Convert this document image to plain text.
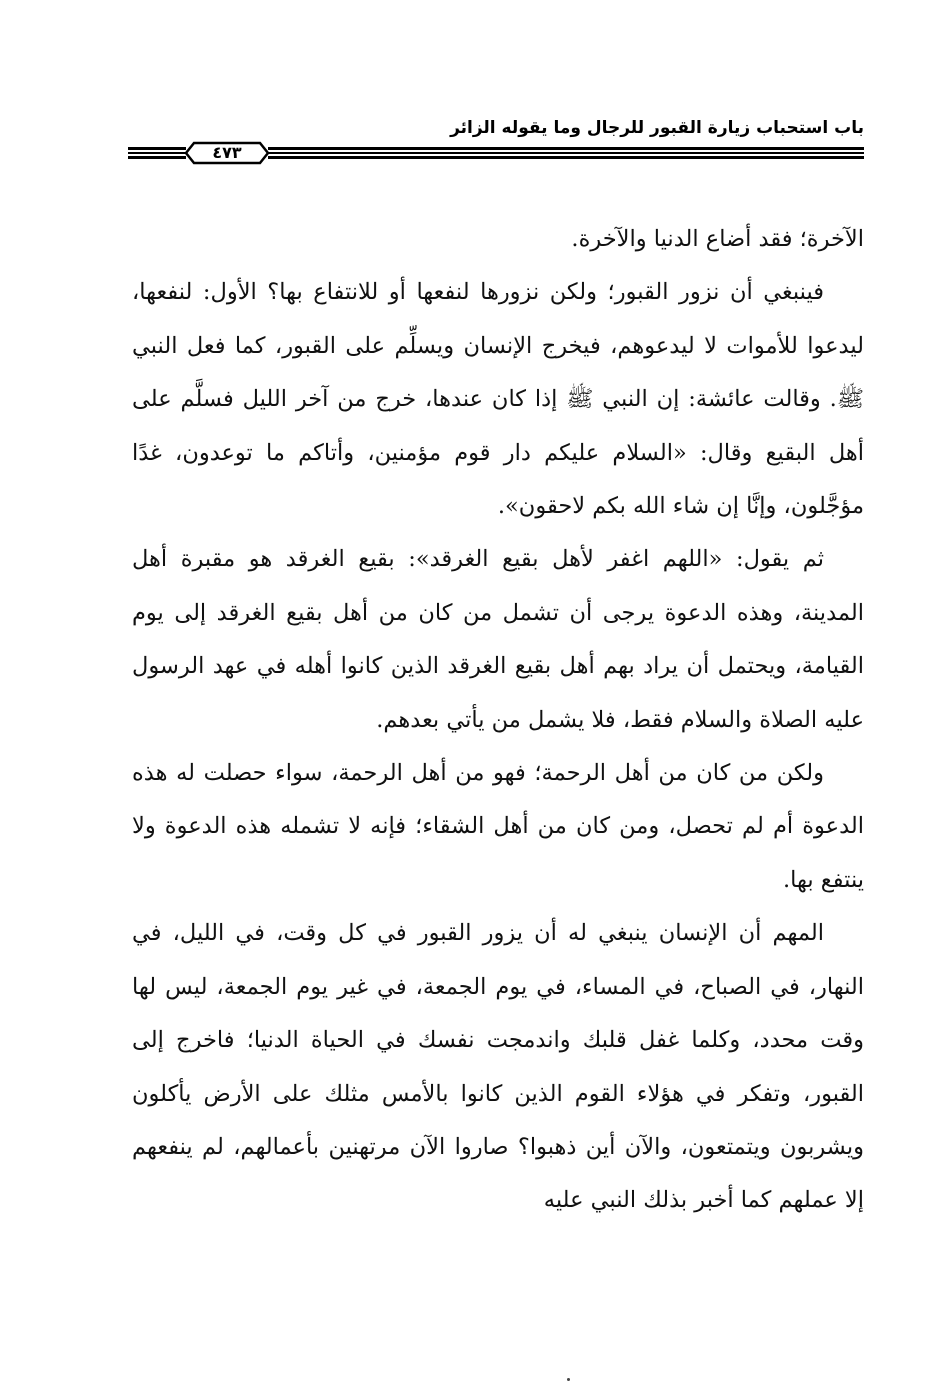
باب استحباب زيارة القبور للرجال وما يقوله الزائر
٤٧٣

الآخرة؛ فقد أضاع الدنيا والآخرة.

فينبغي أن نزور القبور؛ ولكن نزورها لنفعها أو للانتفاع بها؟ الأول: لنفعها، ليدعوا للأموات لا ليدعوهم، فيخرج الإنسان ويسلِّم على القبور، كما فعل النبي ﷺ. وقالت عائشة: إن النبي ﷺ إذا كان عندها، خرج من آخر الليل فسلَّم على أهل البقيع وقال: «السلام عليكم دار قوم مؤمنين، وأتاكم ما توعدون، غدًا مؤجَّلون، وإنَّا إن شاء الله بكم لاحقون».

ثم يقول: «اللهم اغفر لأهل بقيع الغرقد»: بقيع الغرقد هو مقبرة أهل المدينة، وهذه الدعوة يرجى أن تشمل من كان من أهل بقيع الغرقد إلى يوم القيامة، ويحتمل أن يراد بهم أهل بقيع الغرقد الذين كانوا أهله في عهد الرسول عليه الصلاة والسلام فقط، فلا يشمل من يأتي بعدهم.

ولكن من كان من أهل الرحمة؛ فهو من أهل الرحمة، سواء حصلت له هذه الدعوة أم لم تحصل، ومن كان من أهل الشقاء؛ فإنه لا تشمله هذه الدعوة ولا ينتفع بها.

المهم أن الإنسان ينبغي له أن يزور القبور في كل وقت، في الليل، في النهار، في الصباح، في المساء، في يوم الجمعة، في غير يوم الجمعة، ليس لها وقت محدد، وكلما غفل قلبك واندمجت نفسك في الحياة الدنيا؛ فاخرج إلى القبور، وتفكر في هؤلاء القوم الذين كانوا بالأمس مثلك على الأرض يأكلون ويشربون ويتمتعون، والآن أين ذهبوا؟ صاروا الآن مرتهنين بأعمالهم، لم ينفعهم إلا عملهم كما أخبر بذلك النبي عليه
